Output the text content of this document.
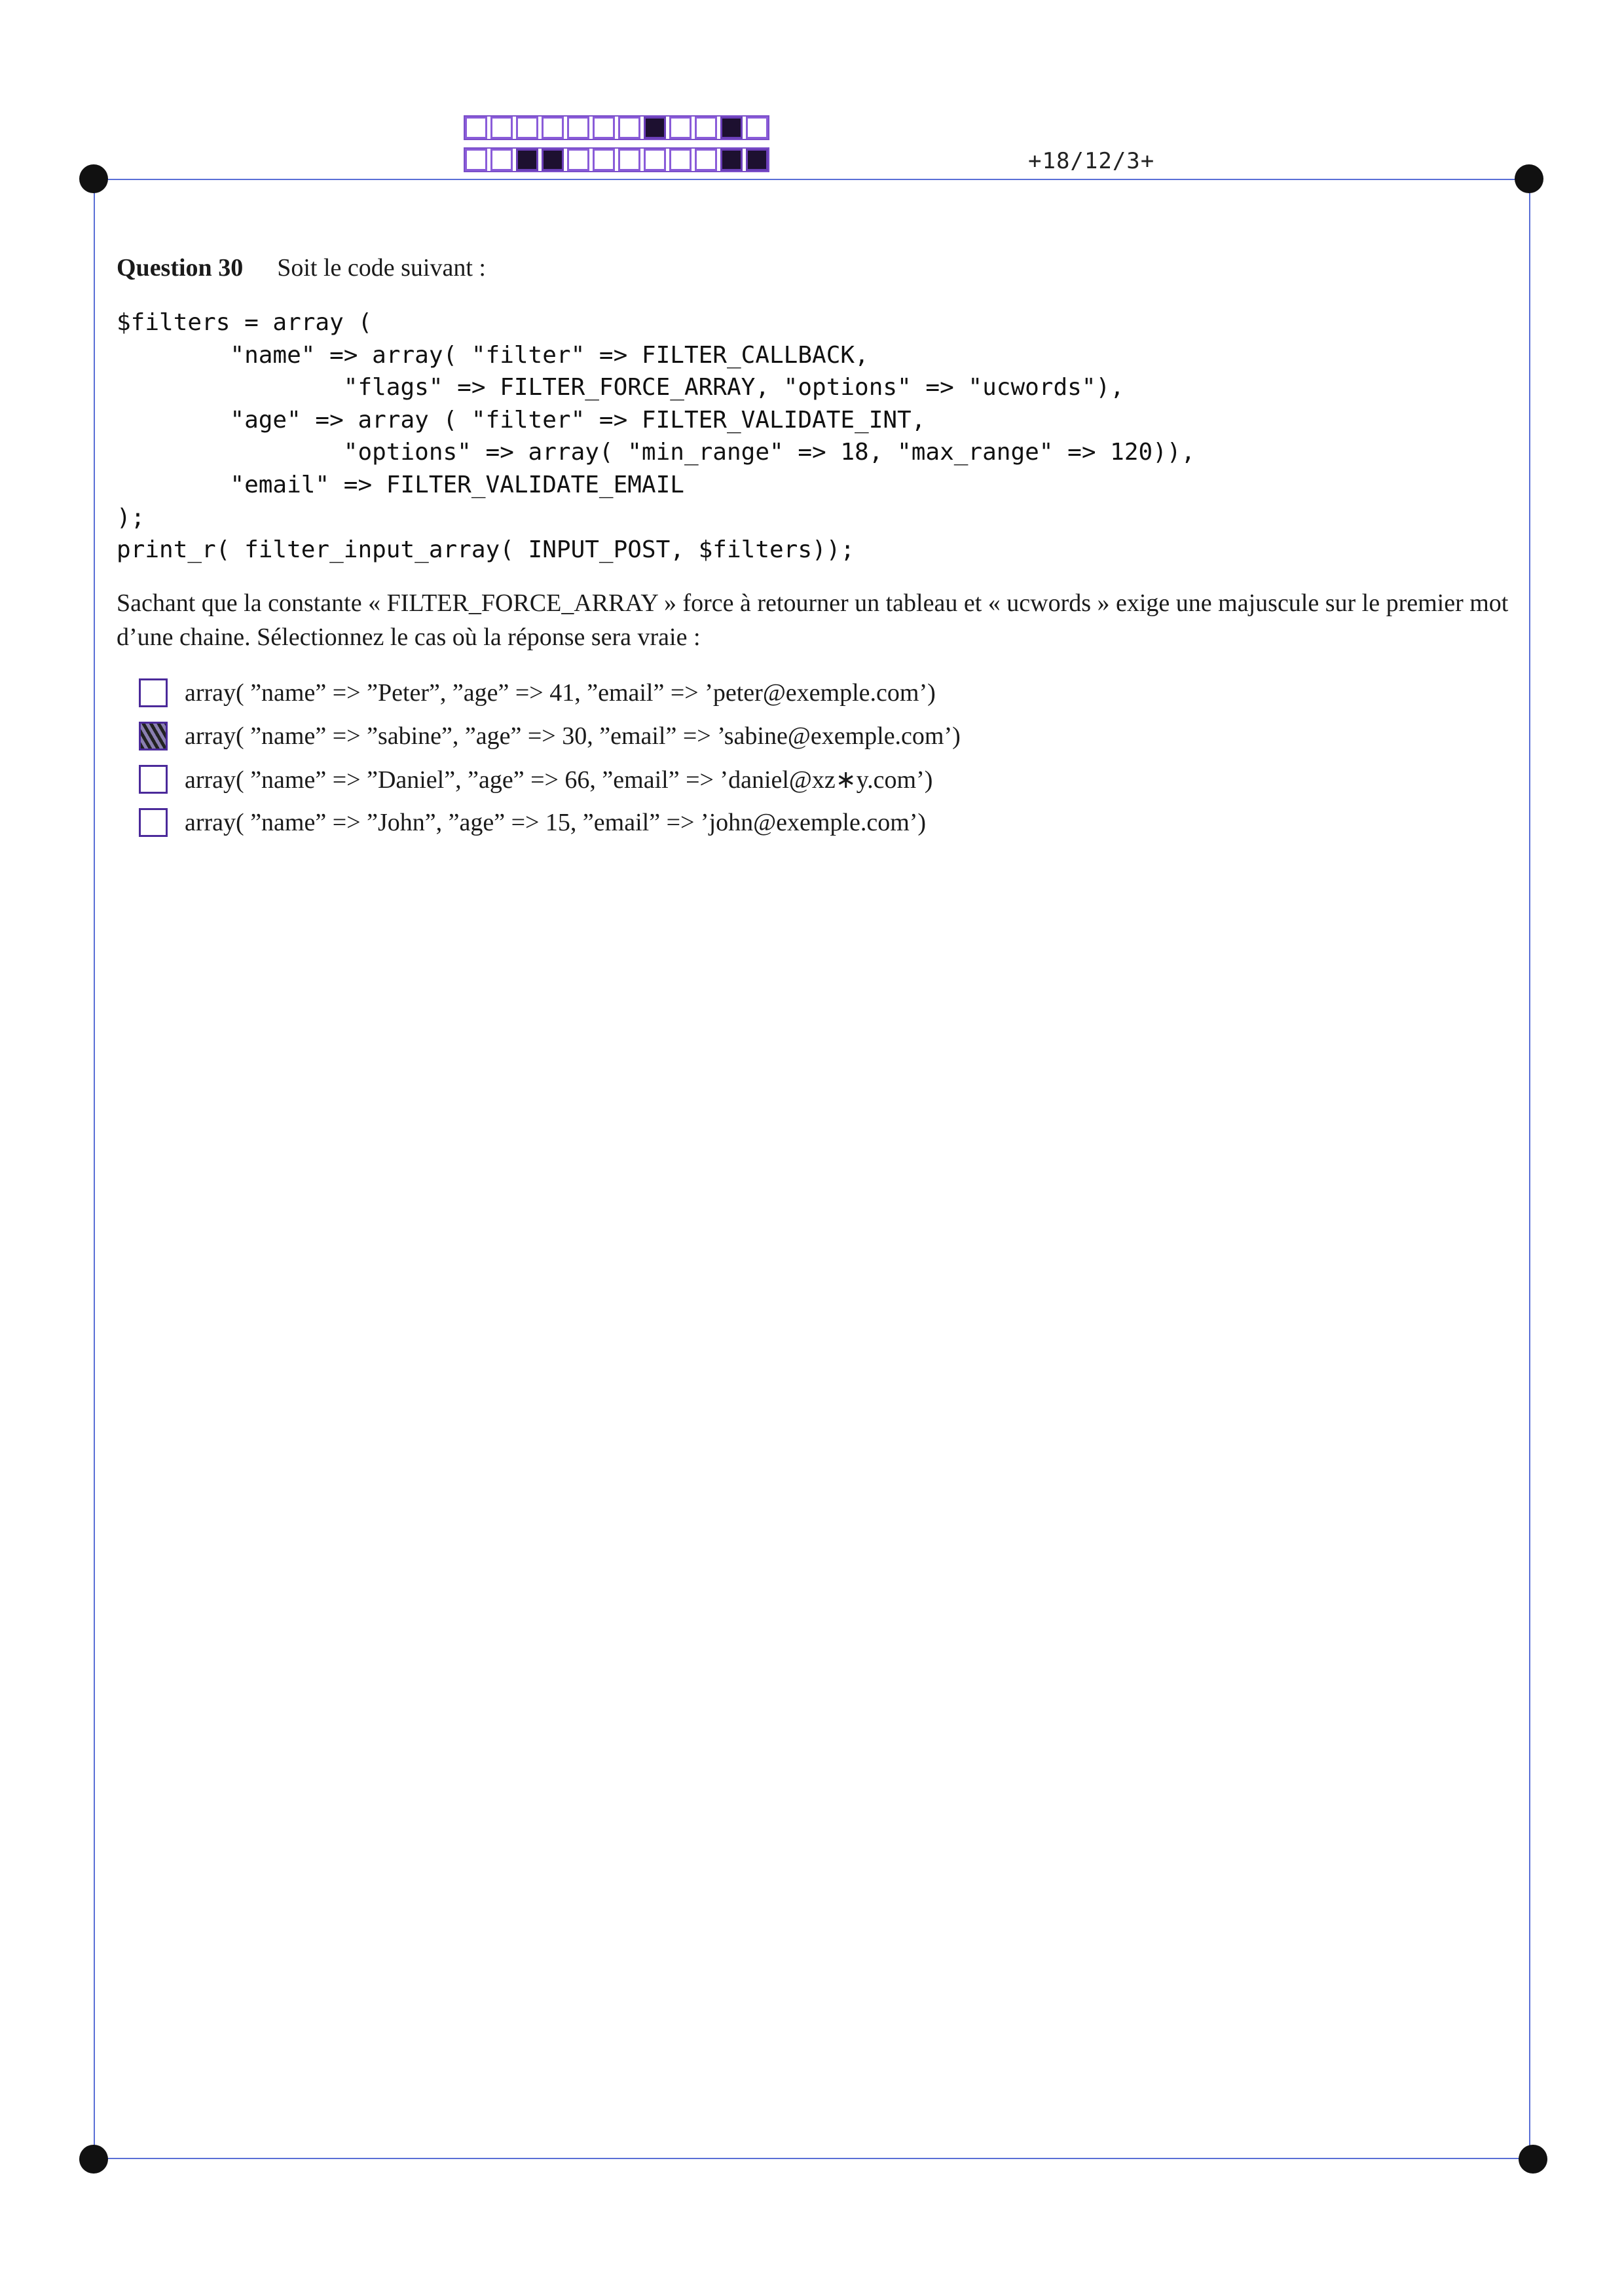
+18/12/3+
Question 30 Soit le code suivant :
$filters = array (
"name" => array( "filter" => FILTER_CALLBACK,
"flags" => FILTER_FORCE_ARRAY, "options" => "ucwords"),
"age" => array ( "filter" => FILTER_VALIDATE_INT,
"options" => array( "min_range" => 18, "max_range" => 120)),
"email" => FILTER_VALIDATE_EMAIL
);
print_r( filter_input_array( INPUT_POST, $filters));
Sachant que la constante « FILTER_FORCE_ARRAY » force à retourner un tableau et « ucwords » exige une majuscule sur le premier mot d’une chaine. Sélectionnez le cas où la réponse sera vraie :
array( ”name” => ”Peter”, ”age” => 41, ”email” => ’peter@exemple.com’)
array( ”name” => ”sabine”, ”age” => 30, ”email” => ’sabine@exemple.com’)
array( ”name” => ”Daniel”, ”age” => 66, ”email” => ’daniel@xz∗y.com’)
array( ”name” => ”John”, ”age” => 15, ”email” => ’john@exemple.com’)
